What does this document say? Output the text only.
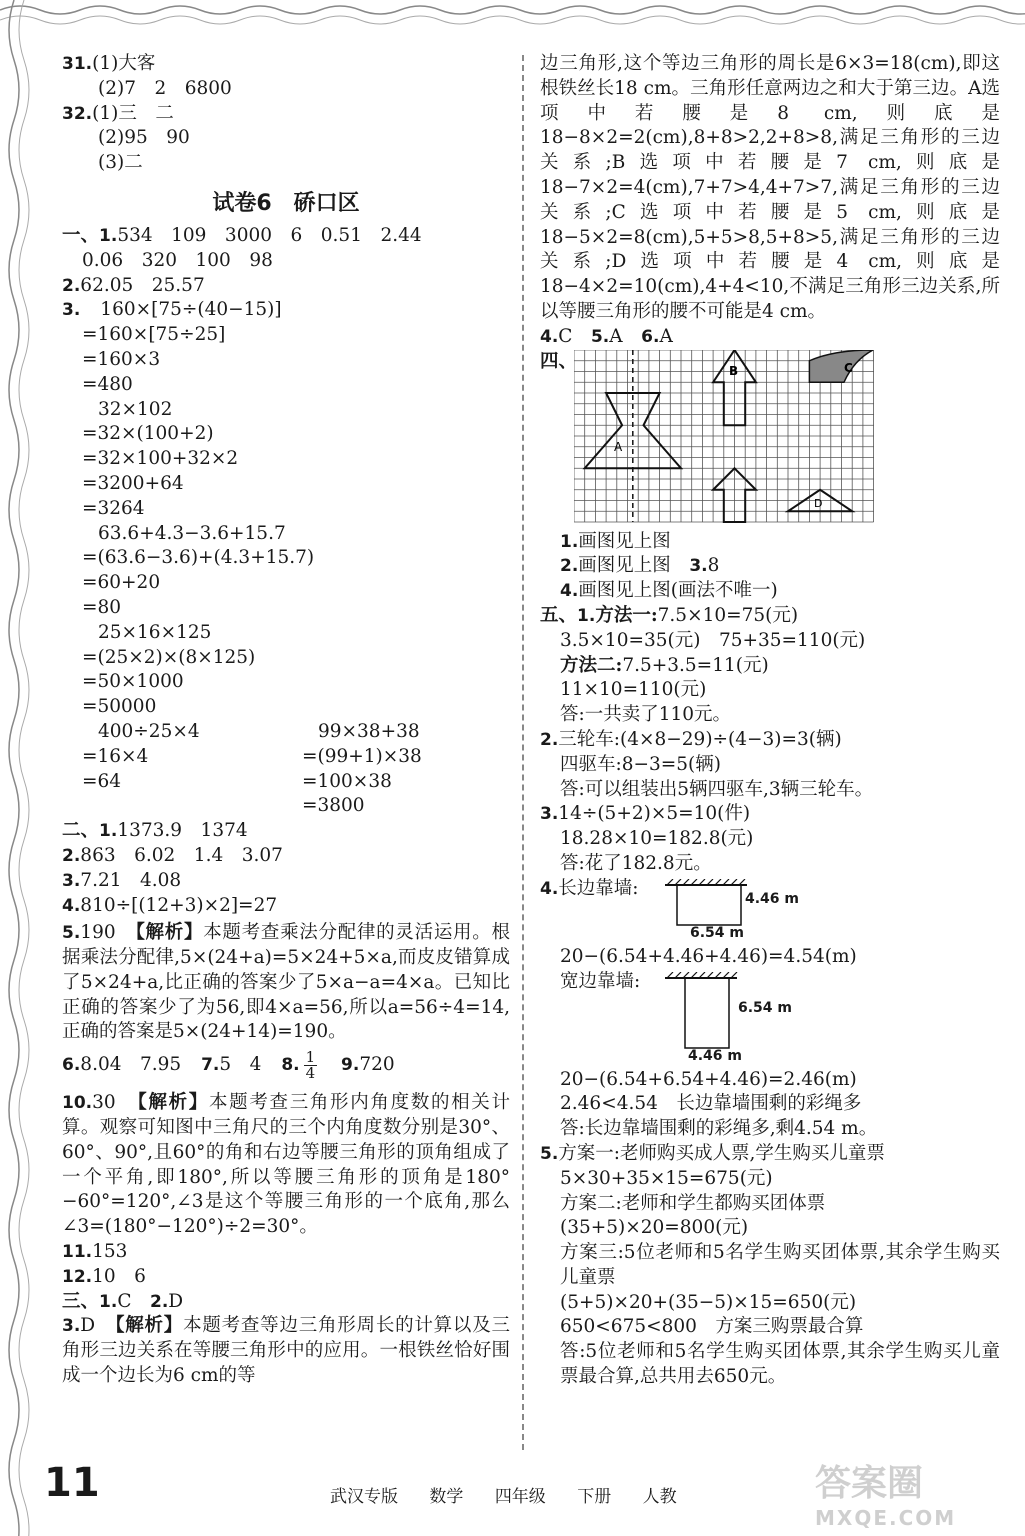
31.(1)大客
(2)7　2　6800
32.(1)三　二
(2)95　90
(3)二
试卷6　硚口区
一、1.534　109　3000　6　0.51　2.44
0.06　320　100　98
2.62.05　25.57
3. 160×[75÷(40−15)]
=160×[75÷25]
=160×3
=480
32×102
=32×(100+2)
=32×100+32×2
=3200+64
=3264
63.6+4.3−3.6+15.7
=(63.6−3.6)+(4.3+15.7)
=60+20
=80
25×16×125
=(25×2)×(8×125)
=50×1000
=50000
400÷25×4
=16×4
=64
99×38+38
=(99+1)×38
=100×38
=3800
二、1.1373.9　1374
2.863　6.02　1.4　3.07
3.7.21　4.08
4.810÷[(12+3)×2]=27
5.190　 【解析】本题考查乘法分配律的灵活运用。根据乘法分配律,5×(24+a)=5×24+5×a,而皮皮错算成了5×24+a,比正确的答案少了5×a−a=4×a。已知比正确的答案少了为56,即4×a=56,所以a=56÷4=14,正确的答案是5×(24+14)=190。
6.8.04　7.95 7.5　4 8. $\frac{1}{4} 9.720$
10.30　 【解析】本题考查三角形内角度数的相关计算。观察可知图中三角尺的三个内角度数分别是30°、60°、90°,且60°的角和右边等腰三角形的顶角组成了一个平角,即180°,所以等腰三角形的顶角是180°−60°=120°,∠3是这个等腰三角形的一个底角,那么∠3=(180°−120°)÷2=30°。
11.153
12.10　6
三、1.C　 2.D
3.D　 【解析】本题考查等边三角形周长的计算以及三角形三边关系在等腰三角形中的应用。一根铁丝恰好围成一个边长为6 cm的等
边三角形,这个等边三角形的周长是6×3=18(cm),即这根铁丝长18 cm。三角形任意两边之和大于第三边。A选项中若腰是8 cm,则底是18−8×2=2(cm),8+8>2,2+8>8,满足三角形的三边关系;B选项中若腰是7 cm,则底是18−7×2=4(cm),7+7>4,4+7>7,满足三角形的三边关系;C选项中若腰是5 cm,则底是18−5×2=8(cm),5+5>8,5+8>5,满足三角形的三边关系;D选项中若腰是4 cm,则底是18−4×2=10(cm),4+4<10,不满足三角形三边关系,所以等腰三角形的腰不可能是4 cm。
4.C　 5.A　 6.A
四、
A
B	C
D
1.画图见上图
2.画图见上图　 3.8
4.画图见上图(画法不唯一)
五、1.方法一:7.5×10=75(元)
3.5×10=35(元)　75+35=110(元)
方法二:7.5+3.5=11(元)
11×10=110(元)
答:一共卖了110元。
2.三轮车:(4×8−29)÷(4−3)=3(辆)
四驱车:8−3=5(辆)
答:可以组装出5辆四驱车,3辆三轮车。
3.14÷(5+2)×5=10(件)
18.28×10=182.8(元)
答:花了182.8元。
4.长边靠墙:	4.46 m
6.54 m
20−(6.54+4.46+4.46)=4.54(m)
宽边靠墙:
6.54 m
4.46 m
20−(6.54+6.54+4.46)=2.46(m)
2.46<4.54　长边靠墙围剩的彩绳多
答:长边靠墙围剩的彩绳多,剩4.54 m。
5.方案一:老师购买成人票,学生购买儿童票
5×30+35×15=675(元)
方案二:老师和学生都购买团体票
(35+5)×20=800(元)
方案三:5位老师和5名学生购买团体票,其余学生购买儿童票
(5+5)×20+(35−5)×15=650(元)
650<675<800　方案三购票最合算
答:5位老师和5名学生购买团体票,其余学生购买儿童票最合算,总共用去650元。
11	武汉专版 数学 四年级 下册 人教	答案圈
MXQE.COM
